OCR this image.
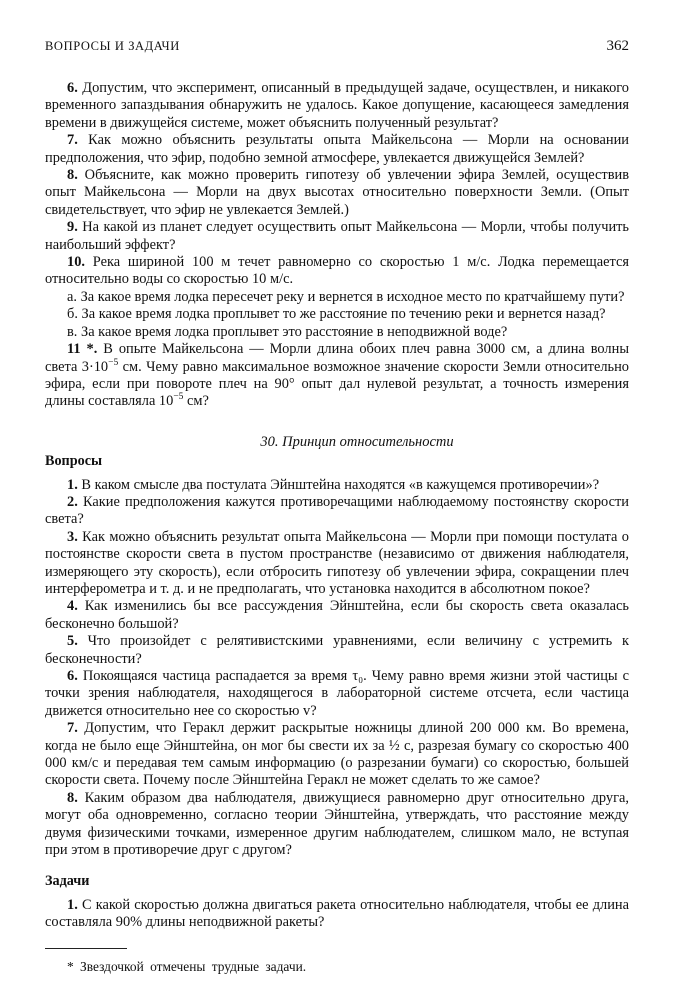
ВОПРОСЫ И ЗАДАЧИ	362

6. Допустим, что эксперимент, описанный в предыдущей задаче, осуществлен, и никакого временного запаздывания обнаружить не удалось. Какое допущение, касающееся замедления времени в движущейся системе, может объяснить полученный результат?

7. Как можно объяснить результаты опыта Майкельсона — Морли на основании предположения, что эфир, подобно земной атмосфере, увлекается движущейся Землей?

8. Объясните, как можно проверить гипотезу об увлечении эфира Землей, осуществив опыт Майкельсона — Морли на двух высотах относительно поверхности Земли. (Опыт свидетельствует, что эфир не увлекается Землей.)

9. На какой из планет следует осуществить опыт Майкельсона — Морли, чтобы получить наибольший эффект?

10. Река шириной 100 м течет равномерно со скоростью 1 м/с. Лодка перемещается относительно воды со скоростью 10 м/с.

а. За какое время лодка пересечет реку и вернется в исходное место по кратчайшему пути?

б. За какое время лодка проплывет то же расстояние по течению реки и вернется назад?

в. За какое время лодка проплывет это расстояние в неподвижной воде?

11 *. В опыте Майкельсона — Морли длина обоих плеч равна 3000 см, а длина волны света $3\cdot 10^{-5}$ см. Чему равно максимальное возможное значение скорости Земли относительно эфира, если при повороте плеч на 90° опыт дал нулевой результат, а точность измерения длины составляла $10^{-5}$ см?

30. Принцип относительности
Вопросы

1. В каком смысле два постулата Эйнштейна находятся «в кажущемся противоречии»?

2. Какие предположения кажутся противоречащими наблюдаемому постоянству скорости света?

3. Как можно объяснить результат опыта Майкельсона — Морли при помощи постулата о постоянстве скорости света в пустом пространстве (независимо от движения наблюдателя, измеряющего эту скорость), если отбросить гипотезу об увлечении эфира, сокращении плеч интерферометра и т. д. и не предполагать, что установка находится в абсолютном покое?

4. Как изменились бы все рассуждения Эйнштейна, если бы скорость света оказалась бесконечно большой?

5. Что произойдет с релятивистскими уравнениями, если величину c устремить к бесконечности?

6. Покоящаяся частица распадается за время τ₀. Чему равно время жизни этой частицы с точки зрения наблюдателя, находящегося в лабораторной системе отсчета, если частица движется относительно нее со скоростью v?

7. Допустим, что Геракл держит раскрытые ножницы длиной 200 000 км. Во времена, когда не было еще Эйнштейна, он мог бы свести их за ½ с, разрезая бумагу со скоростью 400 000 км/с и передавая тем самым информацию (о разрезании бумаги) со скоростью, большей скорости света. Почему после Эйнштейна Геракл не может сделать то же самое?

8. Каким образом два наблюдателя, движущиеся равномерно друг относительно друга, могут оба одновременно, согласно теории Эйнштейна, утверждать, что расстояние между двумя физическими точками, измеренное другим наблюдателем, слишком мало, не вступая при этом в противоречие друг с другом?

Задачи

1. С какой скоростью должна двигаться ракета относительно наблюдателя, чтобы ее длина составляла 90% длины неподвижной ракеты?

* Звездочкой отмечены трудные задачи.
